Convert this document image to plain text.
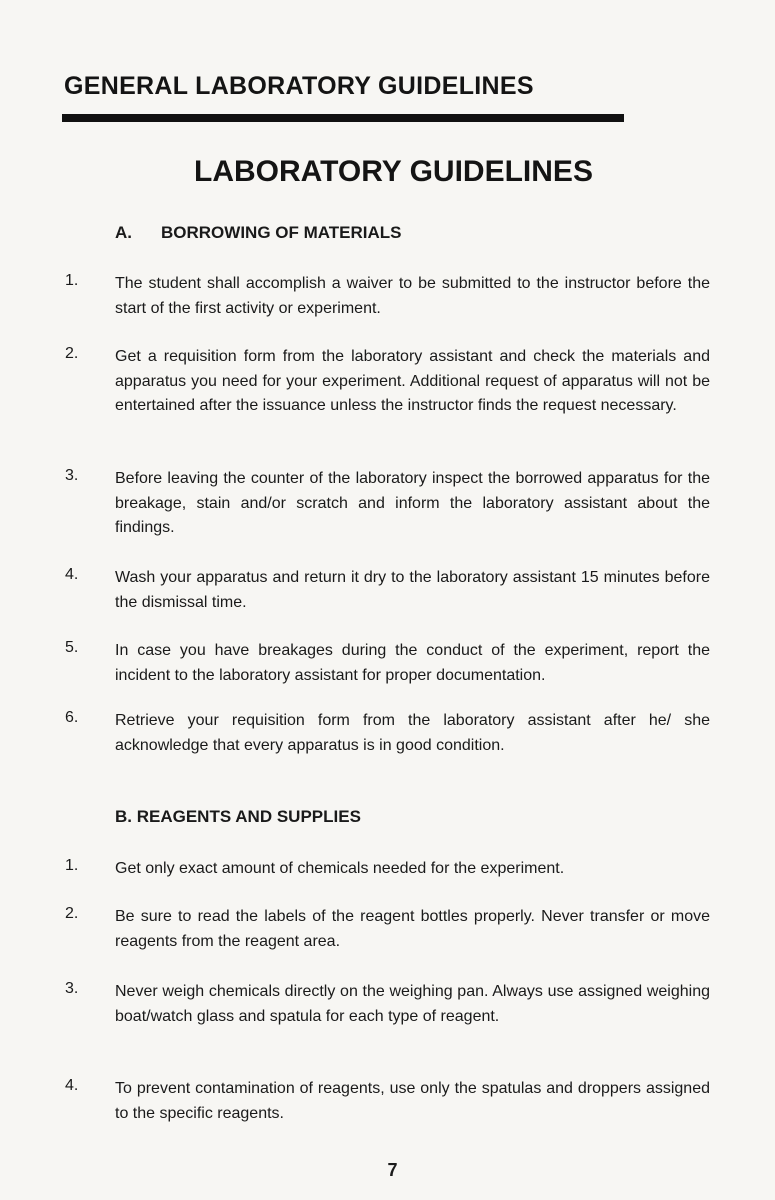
GENERAL LABORATORY GUIDELINES
LABORATORY GUIDELINES
A. BORROWING OF MATERIALS
1. The student shall accomplish a waiver to be submitted to the instructor before the start of the first activity or experiment.
2. Get a requisition form from the laboratory assistant and check the materials and apparatus you need for your experiment. Additional request of apparatus will not be entertained after the issuance unless the instructor finds the request necessary.
3. Before leaving the counter of the laboratory inspect the borrowed apparatus for the breakage, stain and/or scratch and inform the laboratory assistant about the findings.
4. Wash your apparatus and return it dry to the laboratory assistant 15 minutes before the dismissal time.
5. In case you have breakages during the conduct of the experiment, report the incident to the laboratory assistant for proper documentation.
6. Retrieve your requisition form from the laboratory assistant after he/ she acknowledge that every apparatus is in good condition.
B. REAGENTS AND SUPPLIES
1. Get only exact amount of chemicals needed for the experiment.
2. Be sure to read the labels of the reagent bottles properly. Never transfer or move reagents from the reagent area.
3. Never weigh chemicals directly on the weighing pan. Always use assigned weighing boat/watch glass and spatula for each type of reagent.
4. To prevent contamination of reagents, use only the spatulas and droppers assigned to the specific reagents.
7
